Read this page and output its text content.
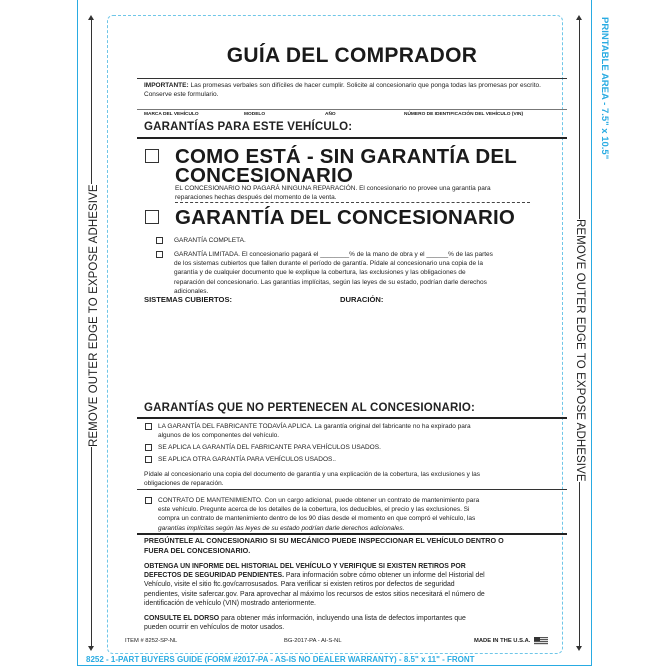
REMOVE OUTER EDGE TO EXPOSE ADHESIVE	REMOVE OUTER EDGE TO EXPOSE ADHESIVE
PRINTABLE AREA - 7.5" x 10.5"
8252 - 1-PART BUYERS GUIDE (FORM #2017-PA - AS-IS NO DEALER WARRANTY) - 8.5" x 11" - FRONT
GUÍA DEL COMPRADOR
IMPORTANTE: Las promesas verbales son difíciles de hacer cumplir. Solicite al concesionario que ponga todas las promesas por escrito. Conserve este formulario.
MARCA DEL VEHÍCULO	MODELO	AÑO	NÚMERO DE IDENTIFICACIÓN DEL VEHÍCULO (VIN)
GARANTÍAS PARA ESTE VEHÍCULO:
COMO ESTÁ - SIN GARANTÍA DEL
CONCESIONARIO
EL CONCESIONARIO NO PAGARÁ NINGUNA REPARACIÓN. El concesionario no provee una garantía para
reparaciones hechas después del momento de la venta.
GARANTÍA DEL CONCESIONARIO
GARANTÍA COMPLETA.
GARANTÍA LIMITADA. El concesionario pagará el ________% de la mano de obra y el ______% de las partes
de los sistemas cubiertos que fallen durante el período de garantía. Pídale al concesionario una copia de la
garantía y de cualquier documento que le explique la cobertura, las exclusiones y las obligaciones de
reparación del concesionario. Las garantías implícitas, según las leyes de su estado, podrían darle derechos
adicionales.
SISTEMAS CUBIERTOS:	DURACIÓN:
GARANTÍAS QUE NO PERTENECEN AL CONCESIONARIO:
LA GARANTÍA DEL FABRICANTE TODAVÍA APLICA. La garantía original del fabricante no ha expirado para
algunos de los componentes del vehículo.
SE APLICA LA GARANTÍA DEL FABRICANTE PARA VEHÍCULOS USADOS.
SE APLICA OTRA GARANTÍA PARA VEHÍCULOS USADOS..
Pídale al concesionario una copia del documento de garantía y una explicación de la cobertura, las exclusiones y las
obligaciones de reparación.
CONTRATO DE MANTENIMIENTO. Con un cargo adicional, puede obtener un contrato de mantenimiento para
este vehículo. Pregunte acerca de los detalles de la cobertura, los deducibles, el precio y las exclusiones. Si
compra un contrato de mantenimiento dentro de los 90 días desde el momento en que compró el vehículo, las
garantías implícitas según las leyes de su estado podrían darle derechos adicionales.
PREGÚNTELE AL CONCESIONARIO SI SU MECÁNICO PUEDE INSPECCIONAR EL VEHÍCULO DENTRO O
FUERA DEL CONCESIONARIO.
OBTENGA UN INFORME DEL HISTORIAL DEL VEHÍCULO Y VERIFIQUE SI EXISTEN RETIROS POR
DEFECTOS DE SEGURIDAD PENDIENTES. Para información sobre cómo obtener un informe del Historial del
Vehículo, visite el sitio ftc.gov/carrosusados. Para verificar si existen retiros por defectos de seguridad
pendientes, visite safercar.gov. Para aprovechar al máximo los recursos de estos sitios necesitará el número de
identificación de vehículo (VIN) mostrado anteriormente.
CONSULTE EL DORSO para obtener más información, incluyendo una lista de defectos importantes que
pueden ocurrir en vehículos de motor usados.
ITEM # 8252-SP-NL	BG-2017-PA - AI-S-NL	MADE IN THE U.S.A.
